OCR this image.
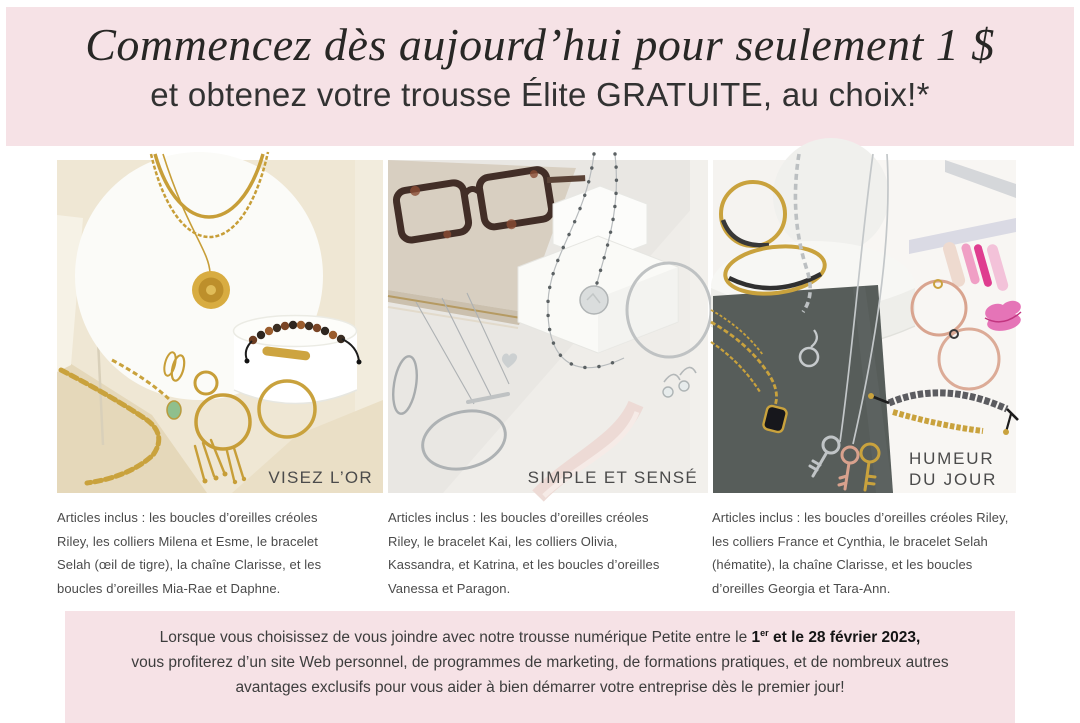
Commencez dès aujourd’hui pour seulement 1 $
et obtenez votre trousse Élite GRATUITE, au choix!*
VISEZ L’OR	SIMPLE ET SENSÉ
HUMEUR DU JOUR
Articles inclus : les boucles d’oreilles créoles
Riley, les colliers Milena et Esme, le bracelet
Selah (œil de tigre), la chaîne Clarisse, et les
boucles d’oreilles Mia-Rae et Daphne.
Articles inclus : les boucles d’oreilles créoles
Riley, le bracelet Kai, les colliers Olivia,
Kassandra, et Katrina, et les boucles d’oreilles
Vanessa et Paragon.
Articles inclus : les boucles d’oreilles créoles Riley,
les colliers France et Cynthia, le bracelet Selah
(hématite), la chaîne Clarisse, et les boucles
d’oreilles Georgia et Tara-Ann.
Lorsque vous choisissez de vous joindre avec notre trousse numérique Petite entre le 1er et le 28 février 2023,
vous profiterez d’un site Web personnel, de programmes de marketing, de formations pratiques, et de nombreux autres
avantages exclusifs pour vous aider à bien démarrer votre entreprise dès le premier jour!
